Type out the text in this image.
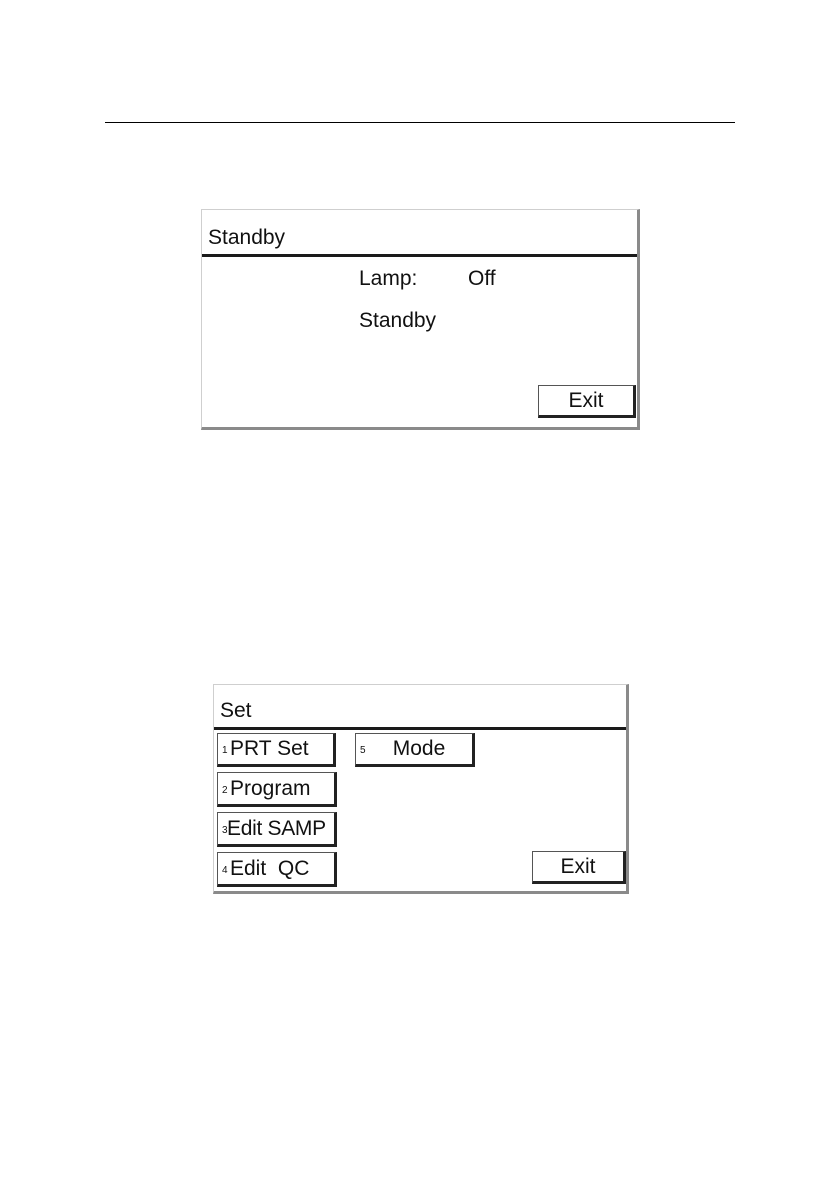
Standby
Lamp: Off
Standby
Exit
Set
1 PRT Set
2 Program
3 Edit SAMP
4 Edit  QC
5	Mode
Exit
